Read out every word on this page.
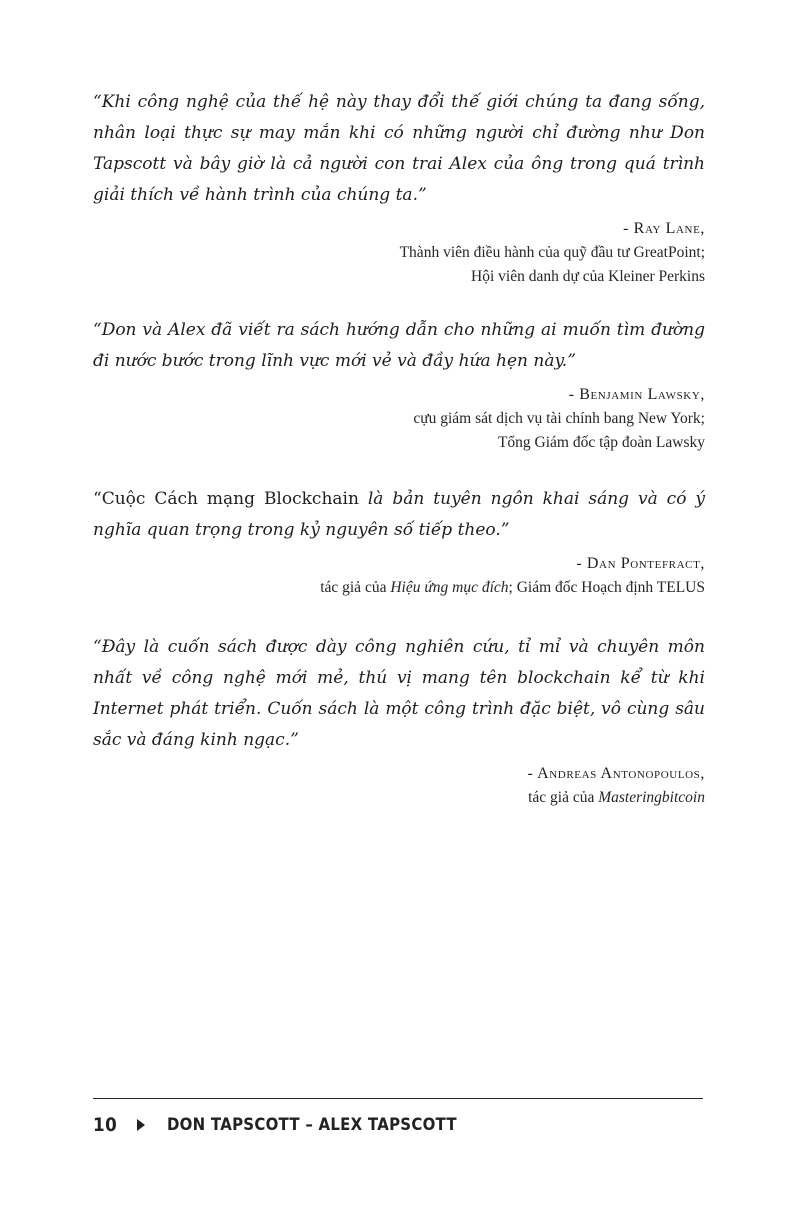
“Khi công nghệ của thế hệ này thay đổi thế giới chúng ta đang sống, nhân loại thực sự may mắn khi có những người chỉ đường như Don Tapscott và bây giờ là cả người con trai Alex của ông trong quá trình giải thích về hành trình của chúng ta.”

- Ray Lane,
Thành viên điều hành của quỹ đầu tư GreatPoint;
Hội viên danh dự của Kleiner Perkins

“Don và Alex đã viết ra sách hướng dẫn cho những ai muốn tìm đường đi nước bước trong lĩnh vực mới vẻ và đầy hứa hẹn này.”

- Benjamin Lawsky,
cựu giám sát dịch vụ tài chính bang New York;
Tổng Giám đốc tập đoàn Lawsky

“Cuộc Cách mạng Blockchain là bản tuyên ngôn khai sáng và có ý nghĩa quan trọng trong kỷ nguyên số tiếp theo.”

- Dan Pontefract,
tác giả của Hiệu ứng mục đích; Giám đốc Hoạch định TELUS

“Đây là cuốn sách được dày công nghiên cứu, tỉ mỉ và chuyên môn nhất về công nghệ mới mẻ, thú vị mang tên blockchain kể từ khi Internet phát triển. Cuốn sách là một công trình đặc biệt, vô cùng sâu sắc và đáng kinh ngạc.”

- Andreas Antonopoulos,
tác giả của Masteringbitcoin
10	DON TAPSCOTT – ALEX TAPSCOTT
